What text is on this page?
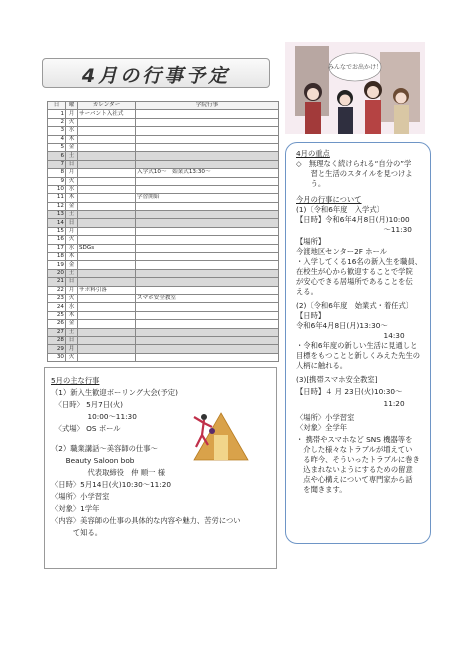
4月の行事予定	みんなでお出かけ！
日	曜	カレンダー	学院行事
1	月	サーバント入社式	
2	火		
3	水		
4	木		
5	金		
6	土		
7	日		
8	月		入学式10～　始業式13:30～
9	火		
10	水		
11	木		学習開始
12	金		
13	土		
14	日		
15	月		
16	火		
17	水	SDGs	
18	木		
19	金		
20	土		
21	日		
22	月	サポ料引落	
23	火		スマホ安全教室
24	水		
25	木		
26	金		
27	土		
28	日		
29	月		
30	火		
4月の重点
◇　無理なく続けられる“自分の”学
　　習と生活のスタイルを見つけよ
　　う。
今月の行事について
(1)〔令和6年度　入学式〕
【日時】令和6年4月8日(月)10:00
　　　　　　　　　　　　～11:30
【場所】
今渡地区センター2F ホール
・入学してくる16名の新入生を職員、
在校生が心から歓迎することで学院
が安心できる居場所であることを伝
える。
(2)〔令和6年度　始業式・着任式〕
【日時】
令和6年4月8日(月)13:30～
　　　　　　　　　　　　14:30
・令和6年度の新しい生活に見通しと
目標をもつことと新しくみえた先生の
人柄に触れる。
(3)[携帯スマホ安全教室]
【日時】４ 月 23日(火)10:30～
　　　　　　　　　　　　11:20
〈場所〉小学習室
〈対象〉全学年
・ 携帯やスマホなど SNS 機器等を
　介した様々なトラブルが増えてい
　る昨今、そういったトラブルに巻き
　込まれないようにするための留意
　点や心構えについて専門家から話
　を聞きます。
5月の主な行事
（1）新入生歓迎ボーリング大会(予定)
　〈日時〉 5月7日(火)
　　　　　10:00～11:30
　〈式場〉 OS ボール
（2）職業講話～美容師の仕事～
　　Beauty Saloon bob
　　　　　代表取締役　仲 順一 様
〈日時〉5月14日(火)10:30～11:20
〈場所〉小学習室
〈対象〉1学年
〈内容〉美容師の仕事の具体的な内容や魅力、苦労につい
　　　て知る。
